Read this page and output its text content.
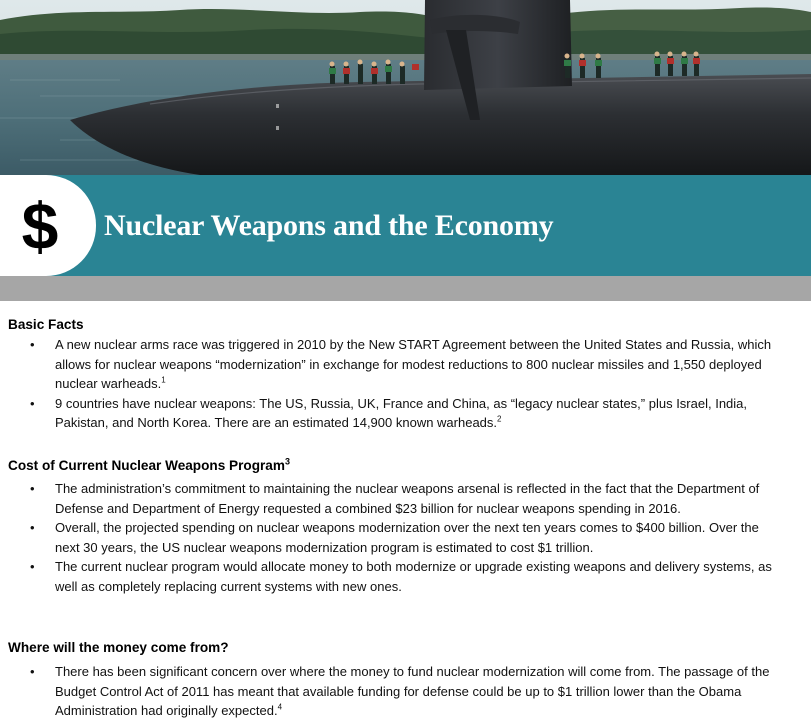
$	Nuclear Weapons and the Economy
Basic Facts
• A new nuclear arms race was triggered in 2010 by the New START Agreement between the United States and Russia, which allows for nuclear weapons “modernization” in exchange for modest reductions to 800 nuclear missiles and 1,550 deployed nuclear warheads.$^1$
• 9 countries have nuclear weapons: The US, Russia, UK, France and China, as “legacy nuclear states,” plus Israel, India, Pakistan, and North Korea. There are an estimated 14,900 known warheads.$^2$
Cost of Current Nuclear Weapons Program$^3$
• The administration’s commitment to maintaining the nuclear weapons arsenal is reflected in the fact that the Department of Defense and Department of Energy requested a combined $23 billion for nuclear weapons spending in 2016.
• Overall, the projected spending on nuclear weapons modernization over the next ten years comes to $400 billion. Over the next 30 years, the US nuclear weapons modernization program is estimated to cost $1 trillion.
• The current nuclear program would allocate money to both modernize or upgrade existing weapons and delivery systems, as well as completely replacing current systems with new ones.
Where will the money come from?
• There has been significant concern over where the money to fund nuclear modernization will come from. The passage of the Budget Control Act of 2011 has meant that available funding for defense could be up to $1 trillion lower than the Obama Administration had originally expected.$^4$
